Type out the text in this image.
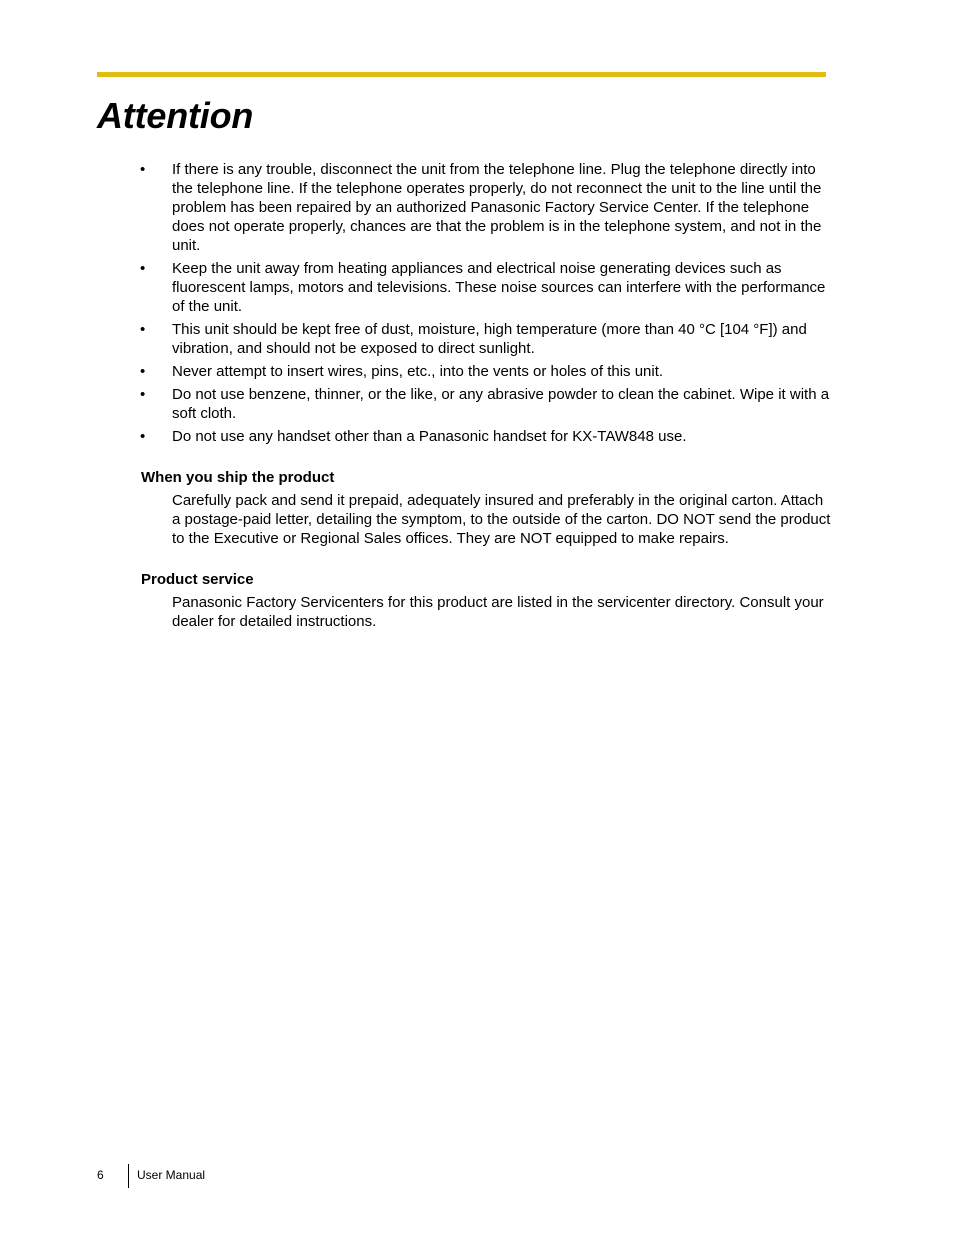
Attention
•	If there is any trouble, disconnect the unit from the telephone line. Plug the telephone directly into the telephone line. If the telephone operates properly, do not reconnect the unit to the line until the problem has been repaired by an authorized Panasonic Factory Service Center. If the telephone does not operate properly, chances are that the problem is in the telephone system, and not in the unit.
•	Keep the unit away from heating appliances and electrical noise generating devices such as fluorescent lamps, motors and televisions. These noise sources can interfere with the performance of the unit.
•	This unit should be kept free of dust, moisture, high temperature (more than 40 °C [104 °F]) and vibration, and should not be exposed to direct sunlight.
•	Never attempt to insert wires, pins, etc., into the vents or holes of this unit.
•	Do not use benzene, thinner, or the like, or any abrasive powder to clean the cabinet. Wipe it with a soft cloth.
•	Do not use any handset other than a Panasonic handset for KX-TAW848 use.
When you ship the product

Carefully pack and send it prepaid, adequately insured and preferably in the original carton. Attach a postage-paid letter, detailing the symptom, to the outside of the carton. DO NOT send the product to the Executive or Regional Sales offices. They are NOT equipped to make repairs.

Product service

Panasonic Factory Servicenters for this product are listed in the servicenter directory. Consult your dealer for detailed instructions.

6	User Manual
